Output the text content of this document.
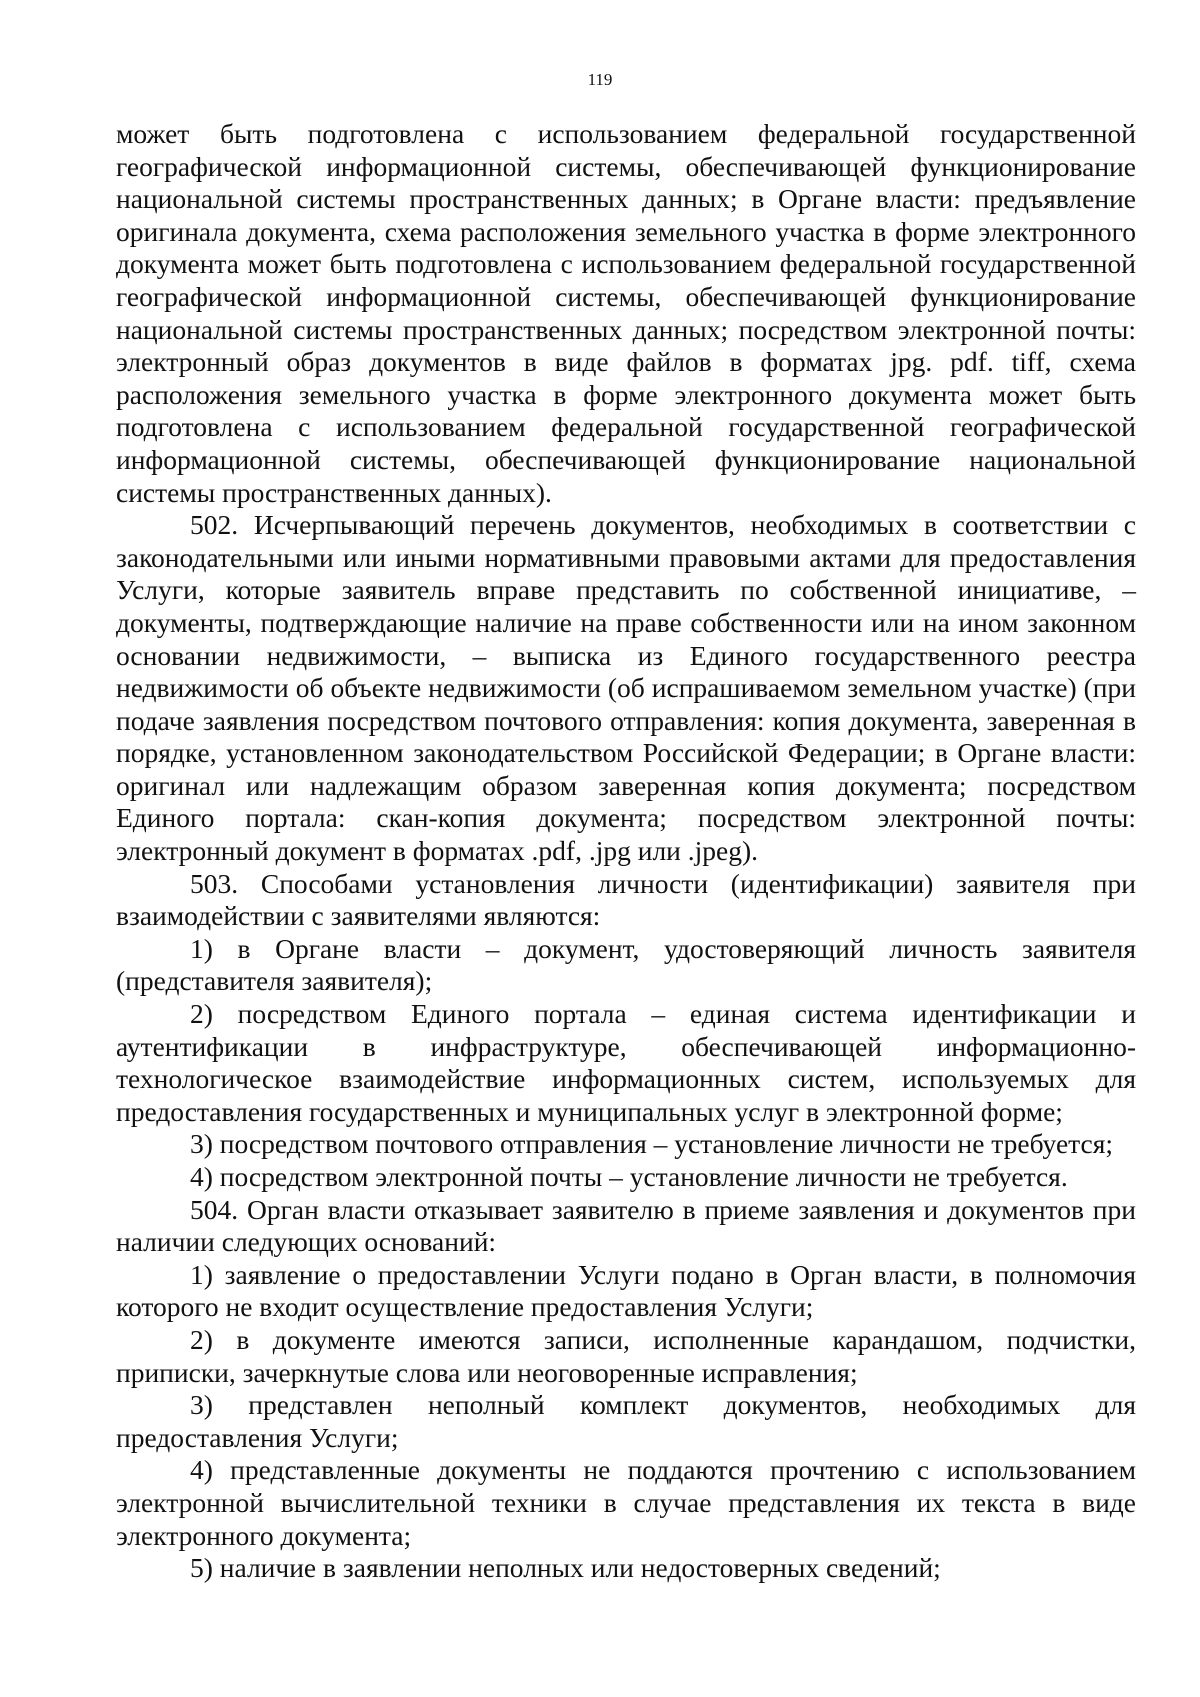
119

может быть подготовлена с использованием федеральной государственной географической информационной системы, обеспечивающей функционирование национальной системы пространственных данных; в Органе власти: предъявление оригинала документа, схема расположения земельного участка в форме электронного документа может быть подготовлена с использованием федеральной государственной географической информационной системы, обеспечивающей функционирование национальной системы пространственных данных; посредством электронной почты: электронный образ документов в виде файлов в форматах jpg. pdf. tiff, схема расположения земельного участка в форме электронного документа может быть подготовлена с использованием федеральной государственной географической информационной системы, обеспечивающей функционирование национальной системы пространственных данных).

502. Исчерпывающий перечень документов, необходимых в соответствии с законодательными или иными нормативными правовыми актами для предоставления Услуги, которые заявитель вправе представить по собственной инициативе, – документы, подтверждающие наличие на праве собственности или на ином законном основании недвижимости, – выписка из Единого государственного реестра недвижимости об объекте недвижимости (об испрашиваемом земельном участке) (при подаче заявления посредством почтового отправления: копия документа, заверенная в порядке, установленном законодательством Российской Федерации; в Органе власти: оригинал или надлежащим образом заверенная копия документа; посредством Единого портала: скан-копия документа; посредством электронной почты: электронный документ в форматах .pdf, .jpg или .jpeg).

503. Способами установления личности (идентификации) заявителя при взаимодействии с заявителями являются:

1) в Органе власти – документ, удостоверяющий личность заявителя (представителя заявителя);

2) посредством Единого портала – единая система идентификации и аутентификации в инфраструктуре, обеспечивающей информационно-технологическое взаимодействие информационных систем, используемых для предоставления государственных и муниципальных услуг в электронной форме;

3) посредством почтового отправления – установление личности не требуется;

4) посредством электронной почты – установление личности не требуется.

504. Орган власти отказывает заявителю в приеме заявления и документов при наличии следующих оснований:

1) заявление о предоставлении Услуги подано в Орган власти, в полномочия которого не входит осуществление предоставления Услуги;

2) в документе имеются записи, исполненные карандашом, подчистки, приписки, зачеркнутые слова или неоговоренные исправления;

3) представлен неполный комплект документов, необходимых для предоставления Услуги;

4) представленные документы не поддаются прочтению с использованием электронной вычислительной техники в случае представления их текста в виде электронного документа;

5) наличие в заявлении неполных или недостоверных сведений;
